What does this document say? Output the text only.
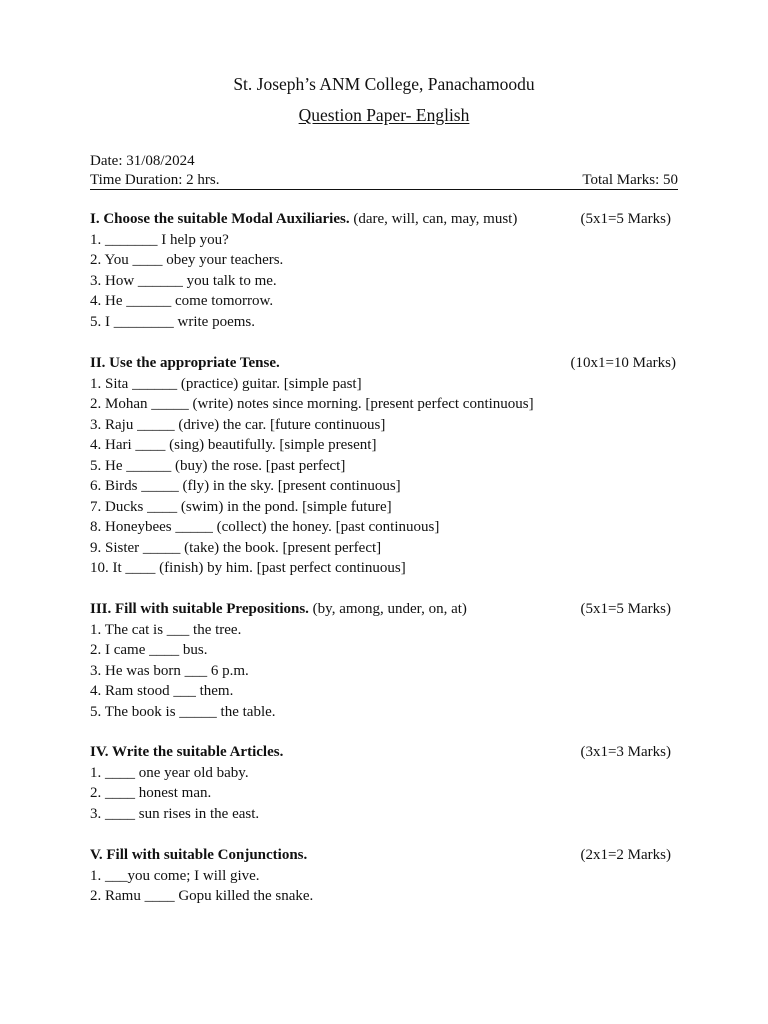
St. Joseph’s ANM College, Panachamoodu
Question Paper- English
Date: 31/08/2024
Time Duration: 2 hrs.	Total Marks: 50
I. Choose the suitable Modal Auxiliaries. (dare, will, can, may, must)	(5x1=5 Marks)
1. _______ I help you?
2. You ____ obey your teachers.
3. How ______ you talk to me.
4. He ______ come tomorrow.
5. I ________ write poems.
II. Use the appropriate Tense.	(10x1=10 Marks)
1. Sita ______ (practice) guitar. [simple past]
2. Mohan _____ (write) notes since morning. [present perfect continuous]
3. Raju _____ (drive) the car. [future continuous]
4. Hari ____ (sing) beautifully. [simple present]
5. He ______ (buy) the rose. [past perfect]
6. Birds _____ (fly) in the sky. [present continuous]
7. Ducks ____ (swim) in the pond. [simple future]
8. Honeybees _____ (collect) the honey. [past continuous]
9. Sister _____ (take) the book. [present perfect]
10. It ____ (finish) by him. [past perfect continuous]
III. Fill with suitable Prepositions. (by, among, under, on, at)	(5x1=5 Marks)
1. The cat is ___ the tree.
2. I came ____ bus.
3. He was born ___ 6 p.m.
4. Ram stood ___ them.
5. The book is _____ the table.
IV. Write the suitable Articles.	(3x1=3 Marks)
1. ____ one year old baby.
2. ____ honest man.
3. ____ sun rises in the east.
V. Fill with suitable Conjunctions.	(2x1=2 Marks)
1. ___you come; I will give.
2. Ramu ____ Gopu killed the snake.
